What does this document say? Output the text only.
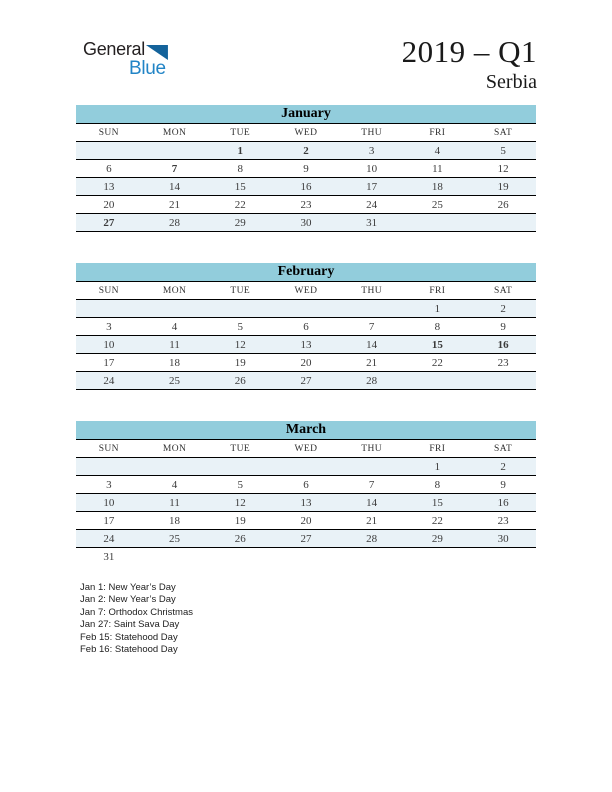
General
Blue	2019 – Q1
Serbia
January						
SUN	MON	TUE	WED	THU	FRI	SAT
		1	2	3	4	5
6	7	8	9	10	11	12
13	14	15	16	17	18	19
20	21	22	23	24	25	26
27	28	29	30	31		
February						
SUN	MON	TUE	WED	THU	FRI	SAT
					1	2
3	4	5	6	7	8	9
10	11	12	13	14	15	16
17	18	19	20	21	22	23
24	25	26	27	28		
March						
SUN	MON	TUE	WED	THU	FRI	SAT
					1	2
3	4	5	6	7	8	9
10	11	12	13	14	15	16
17	18	19	20	21	22	23
24	25	26	27	28	29	30
31						
Jan 1: New Year’s Day
Jan 2: New Year’s Day
Jan 7: Orthodox Christmas
Jan 27: Saint Sava Day
Feb 15: Statehood Day
Feb 16: Statehood Day
